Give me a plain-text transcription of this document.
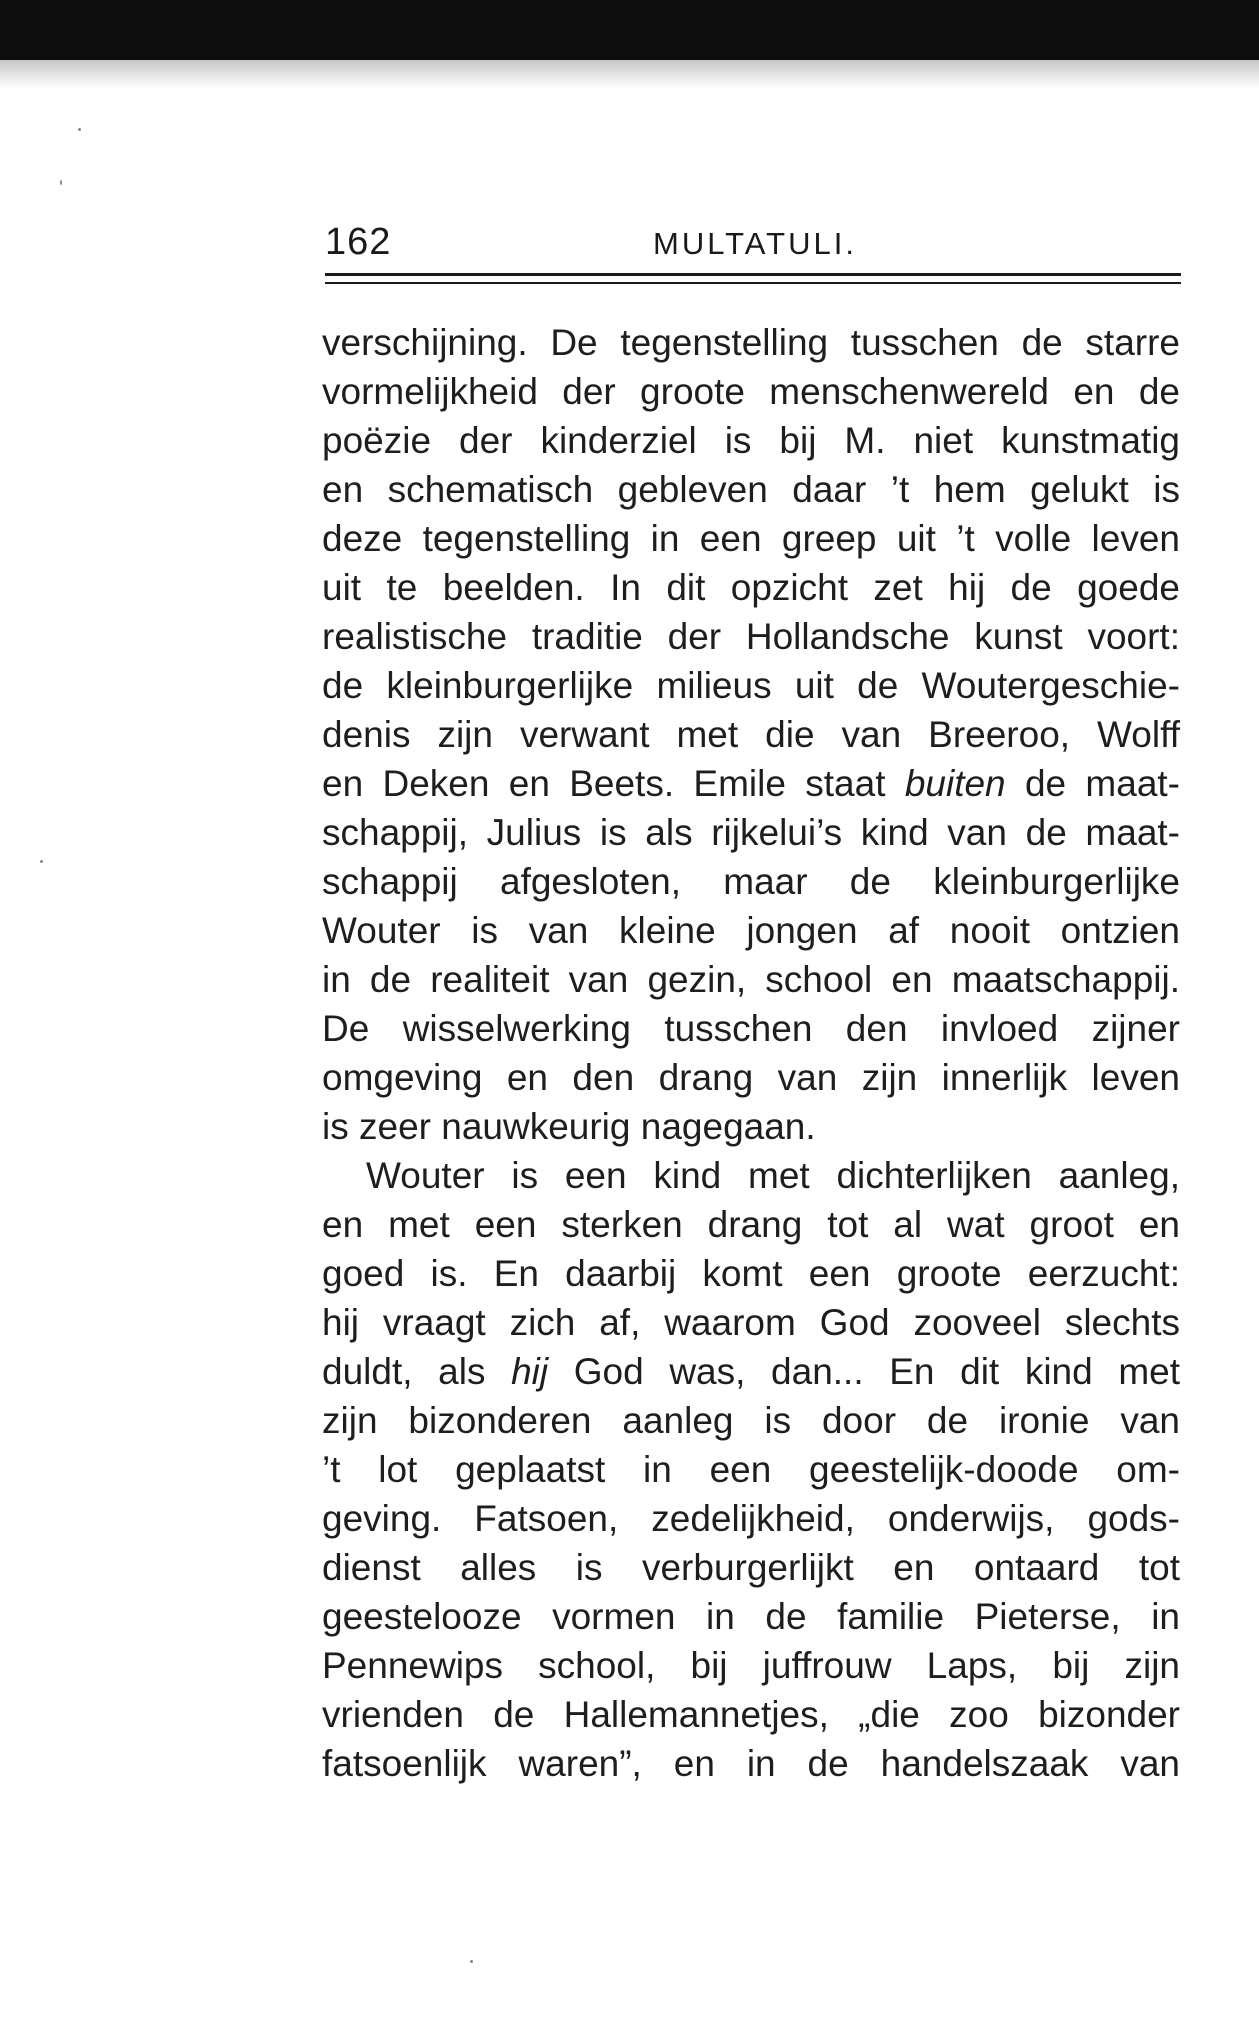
162	MULTATULI.

verschijning. De tegenstelling tusschen de starre
vormelijkheid der groote menschenwereld en de
poëzie der kinderziel is bij M. niet kunstmatig
en schematisch gebleven daar ’t hem gelukt is
deze tegenstelling in een greep uit ’t volle leven
uit te beelden. In dit opzicht zet hij de goede
realistische traditie der Hollandsche kunst voort:
de kleinburgerlijke milieus uit de Woutergeschie-
denis zijn verwant met die van Breeroo, Wolff
en Deken en Beets. Emile staat buiten de maat-
schappij, Julius is als rijkelui’s kind van de maat-
schappij afgesloten, maar de kleinburgerlijke
Wouter is van kleine jongen af nooit ontzien
in de realiteit van gezin, school en maatschappij.
De wisselwerking tusschen den invloed zijner
omgeving en den drang van zijn innerlijk leven
is zeer nauwkeurig nagegaan.

Wouter is een kind met dichterlijken aanleg,
en met een sterken drang tot al wat groot en
goed is. En daarbij komt een groote eerzucht:
hij vraagt zich af, waarom God zooveel slechts
duldt, als hij God was, dan... En dit kind met
zijn bizonderen aanleg is door de ironie van
’t lot geplaatst in een geestelijk-doode om-
geving. Fatsoen, zedelijkheid, onderwijs, gods-
dienst alles is verburgerlijkt en ontaard tot
geestelooze vormen in de familie Pieterse, in
Pennewips school, bij juffrouw Laps, bij zijn
vrienden de Hallemannetjes, „die zoo bizonder
fatsoenlijk waren”, en in de handelszaak van
